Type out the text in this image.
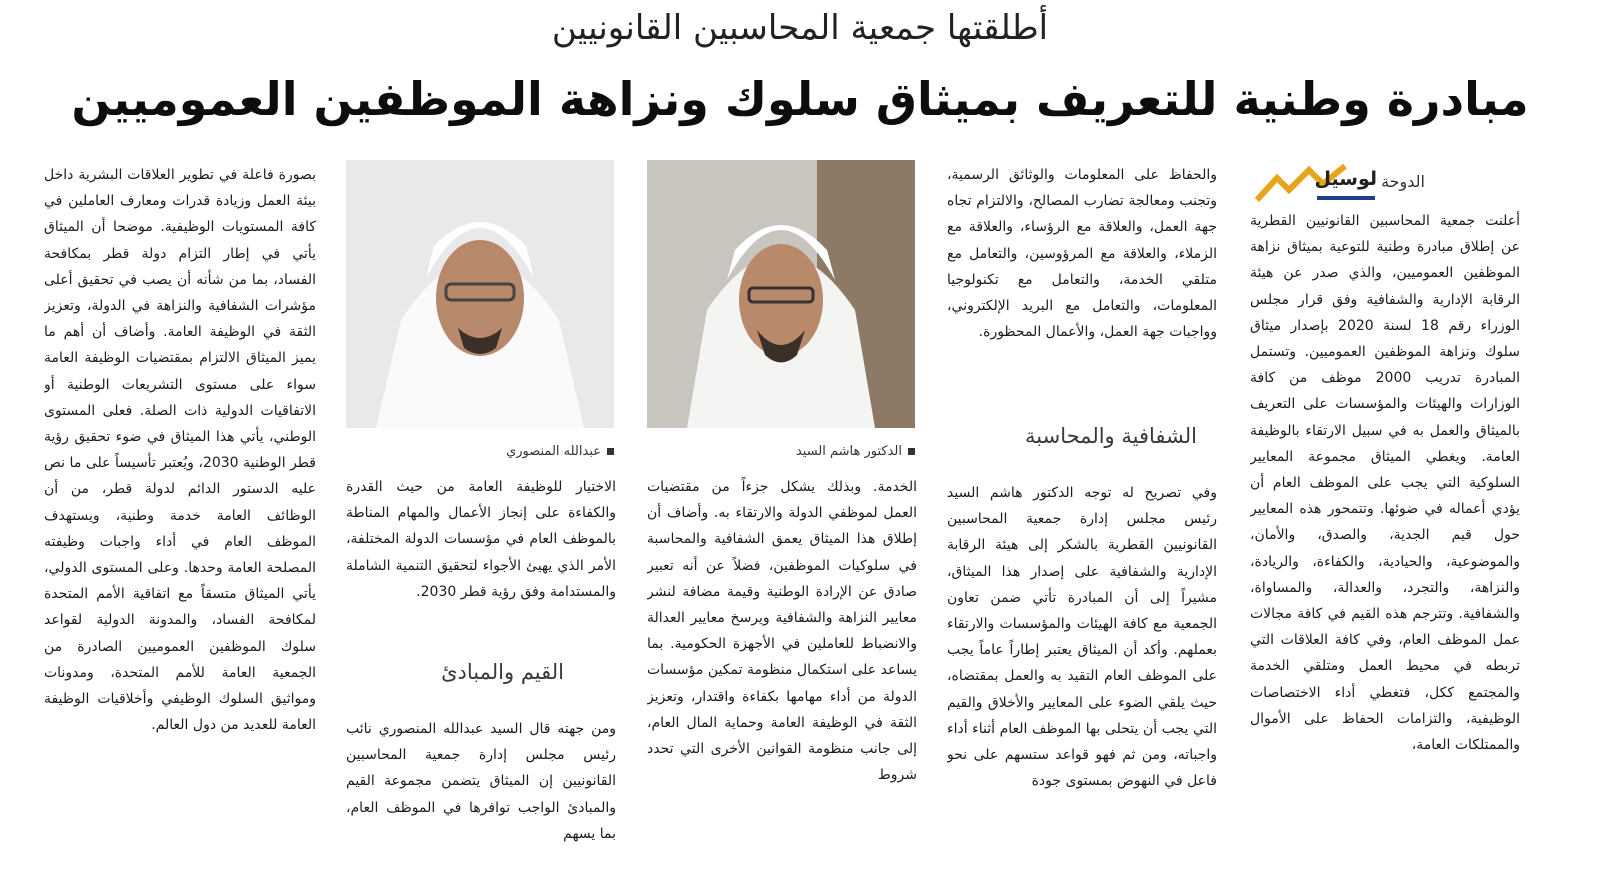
أطلقتها جمعية المحاسبين القانونيين
مبادرة وطنية للتعريف بميثاق سلوك ونزاهة الموظفين العموميين
الدوحة –
لوسيل

أعلنت جمعية المحاسبين القانونيين القطرية عن إطلاق مبادرة وطنية للتوعية بميثاق نزاهة الموظفين العموميين، والذي صدر عن هيئة الرقابة الإدارية والشفافية وفق قرار مجلس الوزراء رقم 18 لسنة 2020 بإصدار ميثاق سلوك ونزاهة الموظفين العموميين. وتستمل المبادرة تدريب 2000 موظف من كافة الوزارات والهيئات والمؤسسات على التعريف بالميثاق والعمل به في سبيل الارتقاء بالوظيفة العامة. ويغطي الميثاق مجموعة المعايير السلوكية التي يجب على الموظف العام أن يؤدي أعماله في ضوئها. وتتمحور هذه المعايير حول قيم الجدية، والصدق، والأمان، والموضوعية، والحيادية، والكفاءة، والريادة، والنزاهة، والتجرد، والعدالة، والمساواة، والشفافية. وتترجم هذه القيم في كافة مجالات عمل الموظف العام، وفي كافة العلاقات التي تربطه في محيط العمل ومتلقي الخدمة والمجتمع ككل، فتغطي أداء الاختصاصات الوظيفية، والتزامات الحفاظ على الأموال والممتلكات العامة،

والحفاظ على المعلومات والوثائق الرسمية، وتجنب ومعالجة تضارب المصالح، والالتزام تجاه جهة العمل، والعلاقة مع الرؤساء، والعلاقة مع الزملاء، والعلاقة مع المرؤوسين، والتعامل مع متلقي الخدمة، والتعامل مع تكنولوجيا المعلومات، والتعامل مع البريد الإلكتروني، وواجبات جهة العمل، والأعمال المحظورة.

الشفافية والمحاسبة

وفي تصريح له توجه الدكتور هاشم السيد رئيس مجلس إدارة جمعية المحاسبين القانونيين القطرية بالشكر إلى هيئة الرقابة الإدارية والشفافية على إصدار هذا الميثاق، مشيراً إلى أن المبادرة تأتي ضمن تعاون الجمعية مع كافة الهيئات والمؤسسات والارتقاء بعملهم. وأكد أن الميثاق يعتبر إطاراً عاماً يجب على الموظف العام التقيد به والعمل بمقتضاه، حيث يلقي الضوء على المعايير والأخلاق والقيم التي يجب أن يتحلى بها الموظف العام أثناء أداء واجباته، ومن ثم فهو قواعد ستسهم على نحو فاعل في النهوض بمستوى جودة

الدكتور هاشم السيد

الخدمة. وبذلك يشكل جزءاً من مقتضيات العمل لموظفي الدولة والارتقاء به. وأضاف أن إطلاق هذا الميثاق يعمق الشفافية والمحاسبة في سلوكيات الموظفين، فضلاً عن أنه تعبير صادق عن الإرادة الوطنية وقيمة مضافة لنشر معايير النزاهة والشفافية ويرسخ معايير العدالة والانضباط للعاملين في الأجهزة الحكومية. بما يساعد على استكمال منظومة تمكين مؤسسات الدولة من أداء مهامها بكفاءة واقتدار، وتعزيز الثقة في الوظيفة العامة وحماية المال العام، إلى جانب منظومة القوانين الأخرى التي تحدد شروط

عبدالله المنصوري

الاختيار للوظيفة العامة من حيث القدرة والكفاءة على إنجاز الأعمال والمهام المناطة بالموظف العام في مؤسسات الدولة المختلفة، الأمر الذي يهيئ الأجواء لتحقيق التنمية الشاملة والمستدامة وفق رؤية قطر 2030.

القيم والمبادئ

ومن جهته قال السيد عبدالله المنصوري نائب رئيس مجلس إدارة جمعية المحاسبين القانونيين إن الميثاق يتضمن مجموعة القيم والمبادئ الواجب توافرها في الموظف العام، بما يسهم

بصورة فاعلة في تطوير العلاقات البشرية داخل بيئة العمل وزيادة قدرات ومعارف العاملين في كافة المستويات الوظيفية. موضحا أن الميثاق يأتي في إطار التزام دولة قطر بمكافحة الفساد، بما من شأنه أن يصب في تحقيق أعلى مؤشرات الشفافية والنزاهة في الدولة، وتعزيز الثقة في الوظيفة العامة. وأضاف أن أهم ما يميز الميثاق الالتزام بمقتضيات الوظيفة العامة سواء على مستوى التشريعات الوطنية أو الاتفاقيات الدولية ذات الصلة. فعلى المستوى الوطني، يأتي هذا الميثاق في ضوء تحقيق رؤية قطر الوطنية 2030، ويُعتبر تأسيساً على ما نص عليه الدستور الدائم لدولة قطر، من أن الوظائف العامة خدمة وطنية، ويستهدف الموظف العام في أداء واجبات وظيفته المصلحة العامة وحدها. وعلى المستوى الدولي، يأتي الميثاق متسقاً مع اتفاقية الأمم المتحدة لمكافحة الفساد، والمدونة الدولية لقواعد سلوك الموظفين العموميين الصادرة من الجمعية العامة للأمم المتحدة، ومدونات ومواثيق السلوك الوظيفي وأخلاقيات الوظيفة العامة للعديد من دول العالم.
